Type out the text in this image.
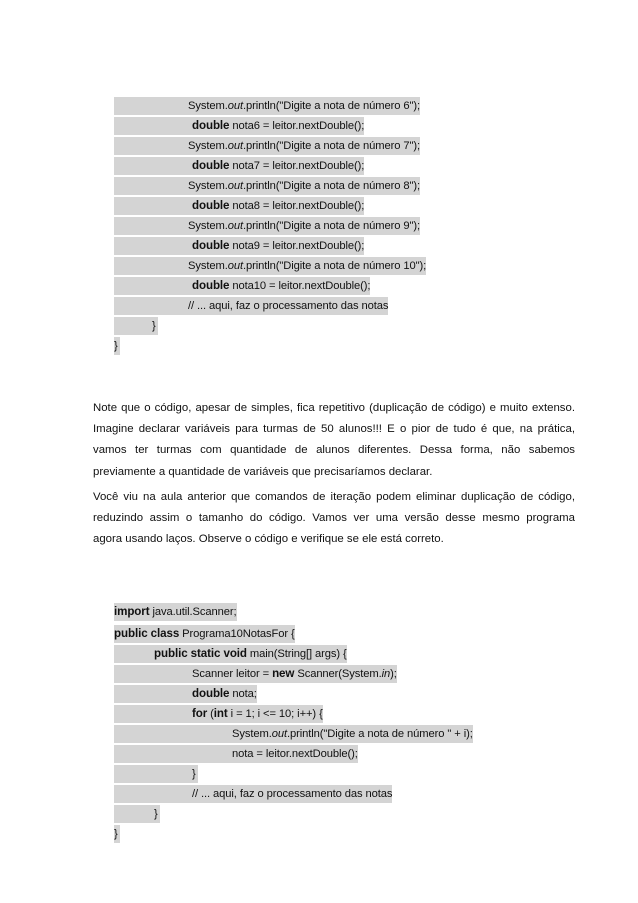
System.out.println("Digite a nota de número 6");
double nota6 = leitor.nextDouble();
System.out.println("Digite a nota de número 7");
double nota7 = leitor.nextDouble();
System.out.println("Digite a nota de número 8");
double nota8 = leitor.nextDouble();
System.out.println("Digite a nota de número 9");
double nota9 = leitor.nextDouble();
System.out.println("Digite a nota de número 10");
double nota10 = leitor.nextDouble();
// ... aqui, faz o processamento das notas
}
}
Note que o código, apesar de simples, fica repetitivo (duplicação de código) e muito extenso.
Imagine declarar variáveis para turmas de 50 alunos!!! E o pior de tudo é que, na prática,
vamos ter turmas com quantidade de alunos diferentes. Dessa forma, não sabemos
previamente a quantidade de variáveis que precisaríamos declarar.
Você viu na aula anterior que comandos de iteração podem eliminar duplicação de código,
reduzindo assim o tamanho do código. Vamos ver uma versão desse mesmo programa
agora usando laços. Observe o código e verifique se ele está correto.
import java.util.Scanner;
public class Programa10NotasFor {
public static void main(String[] args) {
Scanner leitor = new Scanner(System.in);
double nota;
for (int i = 1; i <= 10; i++) {
System.out.println("Digite a nota de número " + i);
nota = leitor.nextDouble();
}
// ... aqui, faz o processamento das notas
}
}
